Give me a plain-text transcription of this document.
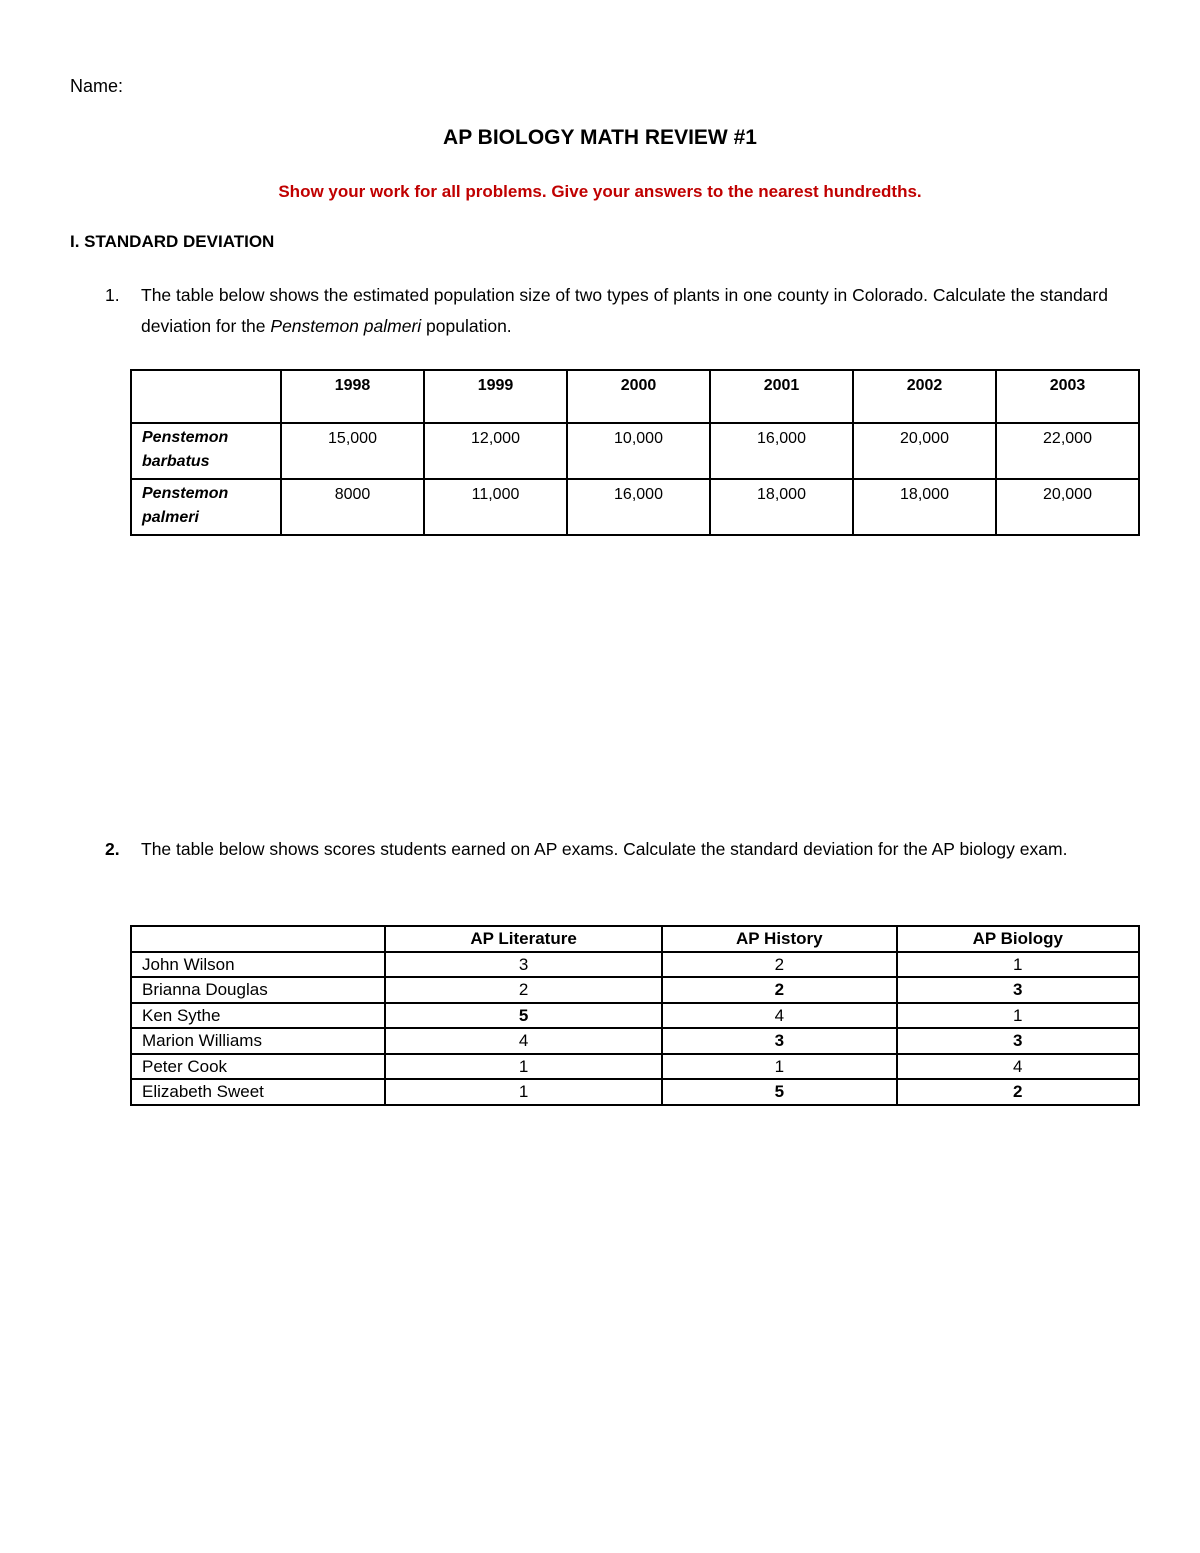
Name:
AP BIOLOGY MATH REVIEW #1
Show your work for all problems. Give your answers to the nearest hundredths.
I. STANDARD DEVIATION
1. The table below shows the estimated population size of two types of plants in one county in Colorado. Calculate the standard deviation for the Penstemon palmeri population.
	1998	1999	2000	2001	2002	2003
Penstemon
barbatus	15,000	12,000	10,000	16,000	20,000	22,000
Penstemon
palmeri	8000	11,000	16,000	18,000	18,000	20,000
2. The table below shows scores students earned on AP exams. Calculate the standard deviation for the AP biology exam.
	AP Literature	AP History	AP Biology
John Wilson	3	2	1
Brianna Douglas	2	2	3
Ken Sythe	5	4	1
Marion Williams	4	3	3
Peter Cook	1	1	4
Elizabeth Sweet	1	5	2
